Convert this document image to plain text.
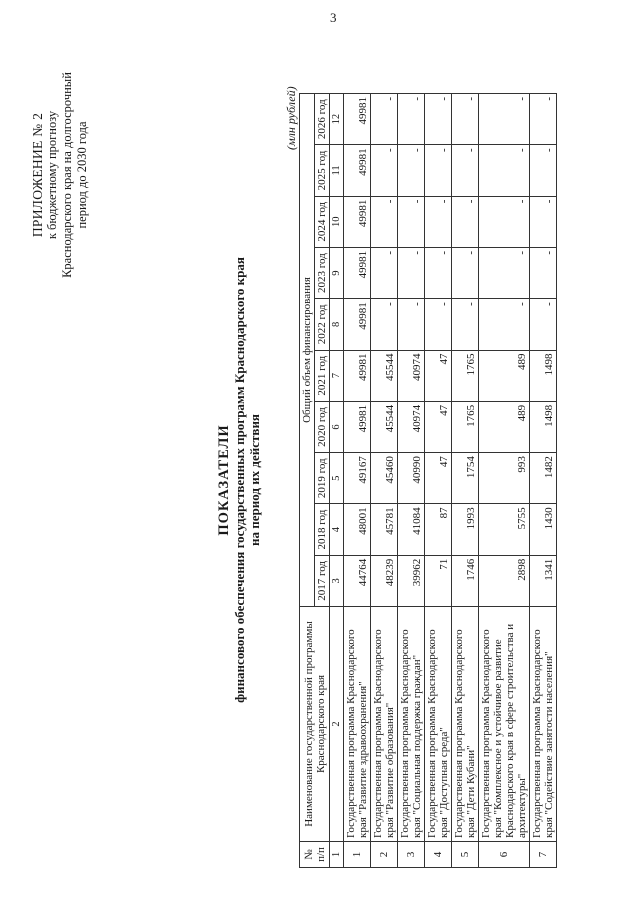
3
ПРИЛОЖЕНИЕ № 2 к бюджетному прогнозу Краснодарского края на долгосрочный период до 2030 года
ПОКАЗАТЕЛИ финансового обеспечения государственных программ Краснодарского края на период их действия
(млн рублей)
№ п/п	Наименование государственной программы Краснодарского края	Общий объем финансирования									
		2017 год	2018 год	2019 год	2020 год	2021 год	2022 год	2023 год	2024 год	2025 год	2026 год
1	2	3	4	5	6	7	8	9	10	11	12
1	Государственная программа Краснодарского края "Развитие здравоохранения"	44764	48001	49167	49981	49981	49981	49981	49981	49981	49981
2	Государственная программа Краснодарского края "Развитие образования"	48239	45781	45460	45544	45544	-	-	-	-	-
3	Государственная программа Краснодарского края "Социальная поддержка граждан"	39962	41084	40990	40974	40974	-	-	-	-	-
4	Государственная программа Краснодарского края "Доступная среда"	71	87	47	47	47	-	-	-	-	-
5	Государственная программа Краснодарского края "Дети Кубани"	1746	1993	1754	1765	1765	-	-	-	-	-
6	Государственная программа Краснодарского края "Комплексное и устойчивое развитие Краснодарского края в сфере строительства и архитектуры"	2898	5755	993	489	489	-	-	-	-	-
7	Государственная программа Краснодарского края "Содействие занятости населения"	1341	1430	1482	1498	1498	-	-	-	-	-
